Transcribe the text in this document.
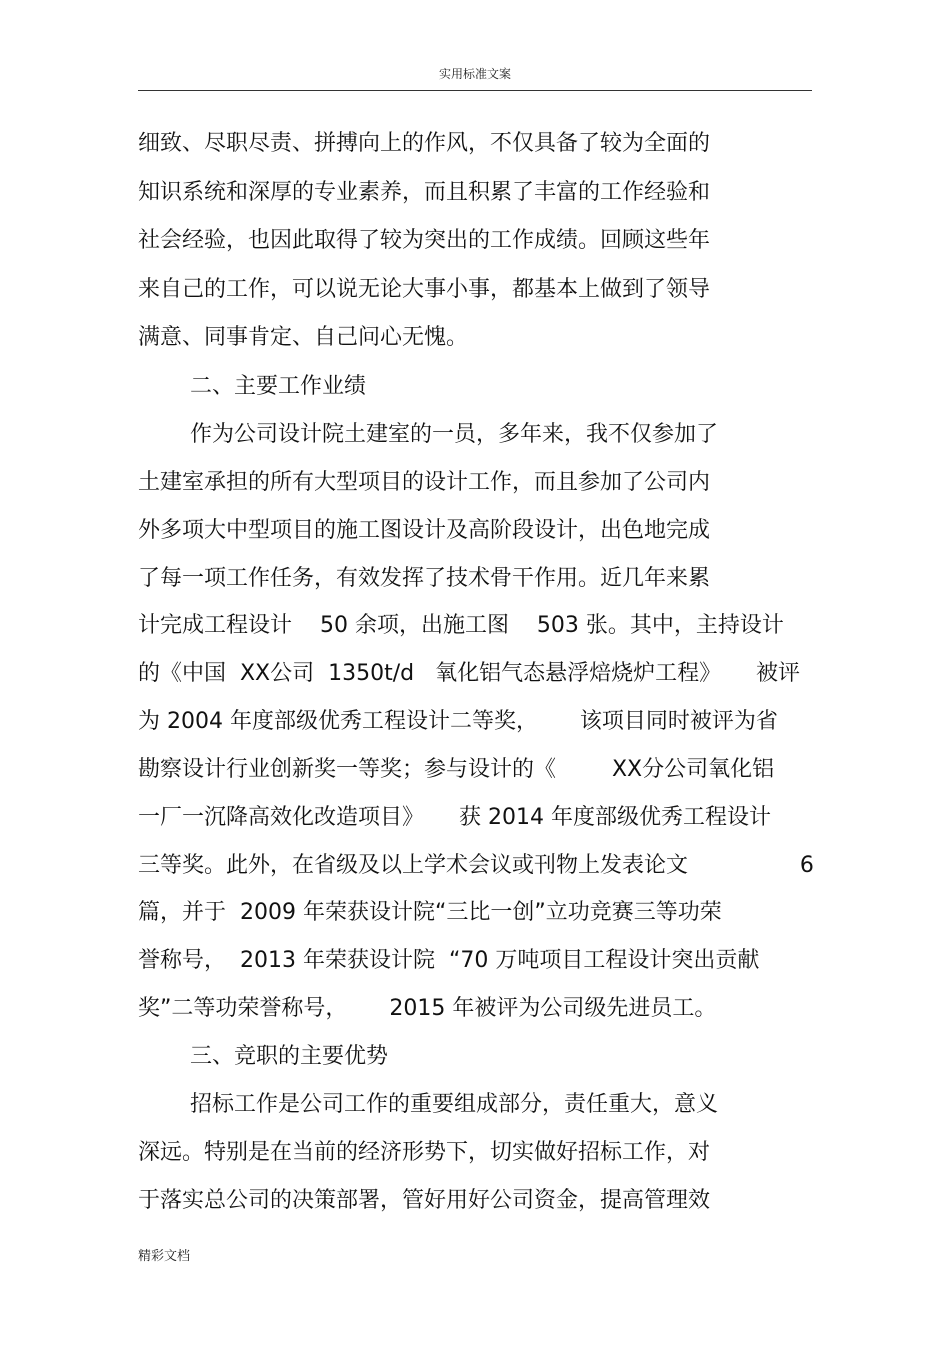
实用标准文案
细致、尽职尽责、拼搏向上的作风，不仅具备了较为全面的
知识系统和深厚的专业素养，而且积累了丰富的工作经验和
社会经验，也因此取得了较为突出的工作成绩。回顾这些年
来自己的工作，可以说无论大事小事，都基本上做到了领导
满意、同事肯定、自己问心无愧。
二、主要工作业绩
作为公司设计院土建室的一员，多年来，我不仅参加了
土建室承担的所有大型项目的设计工作，而且参加了公司内
外多项大中型项目的施工图设计及高阶段设计，出色地完成
了每一项工作任务，有效发挥了技术骨干作用。近几年来累
计完成工程设计    50 余项，出施工图    503 张。其中，主持设计
的《中国  XX公司  1350t/d   氧化铝气态悬浮焙烧炉工程》     被评
为 2004 年度部级优秀工程设计二等奖，      该项目同时被评为省
勘察设计行业创新奖一等奖；参与设计的《        XX分公司氧化铝
一厂一沉降高效化改造项目》     获 2014 年度部级优秀工程设计
三等奖。此外，在省级及以上学术会议或刊物上发表论文                6
篇，并于  2009 年荣获设计院“三比一创”立功竞赛三等功荣
誉称号，  2013 年荣获设计院  “70 万吨项目工程设计突出贡献
奖”二等功荣誉称号，      2015 年被评为公司级先进员工。
三、竞职的主要优势
招标工作是公司工作的重要组成部分，责任重大，意义
深远。特别是在当前的经济形势下，切实做好招标工作，对
于落实总公司的决策部署，管好用好公司资金，提高管理效
精彩文档
